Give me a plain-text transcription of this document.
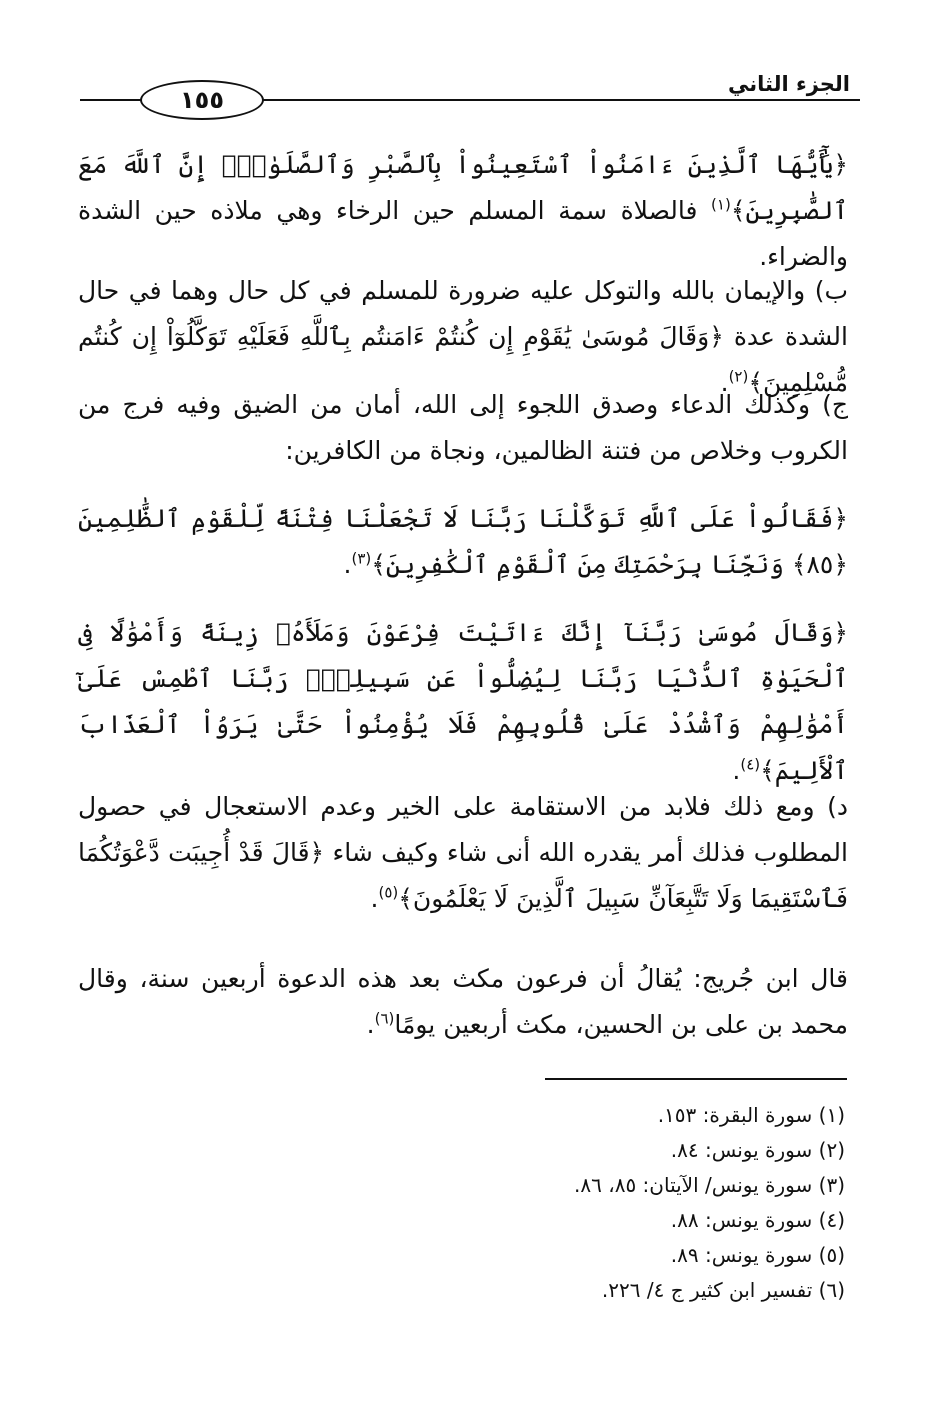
الجزء الثاني
١٥٥
﴿يَٰٓأَيُّهَا ٱلَّذِينَ ءَامَنُواْ ٱسْتَعِينُواْ بِٱلصَّبْرِ وَٱلصَّلَوٰةِۚ إِنَّ ٱللَّهَ مَعَ ٱلصَّٰبِرِينَ﴾$^{(١)}$ فالصلاة سمة المسلم حين الرخاء وهي ملاذه حين الشدة والضراء.
ب) والإيمان بالله والتوكل عليه ضرورة للمسلم في كل حال وهما في حال الشدة عدة ﴿وَقَالَ مُوسَىٰ يَٰقَوْمِ إِن كُنتُمْ ءَامَنتُم بِٱللَّهِ فَعَلَيْهِ تَوَكَّلُوٓاْ إِن كُنتُم مُّسْلِمِينَ﴾$^{(٢)}$.
ج) وكذلك الدعاء وصدق اللجوء إلى الله، أمان من الضيق وفيه فرج من الكروب وخلاص من فتنة الظالمين، ونجاة من الكافرين:
﴿فَقَالُواْ عَلَى ٱللَّهِ تَوَكَّلْنَا رَبَّنَا لَا تَجْعَلْنَا فِتْنَةً لِّلْقَوْمِ ٱلظَّٰلِمِينَ ﴿٨٥﴾ وَنَجِّنَا بِرَحْمَتِكَ مِنَ ٱلْقَوْمِ ٱلْكَٰفِرِينَ﴾$^{(٣)}$.
﴿وَقَالَ مُوسَىٰ رَبَّنَآ إِنَّكَ ءَاتَيْتَ فِرْعَوْنَ وَمَلَأَهُۥ زِينَةً وَأَمْوَٰلًا فِى ٱلْحَيَوٰةِ ٱلدُّنْيَا رَبَّنَا لِيُضِلُّواْ عَن سَبِيلِكَۖ رَبَّنَا ٱطْمِسْ عَلَىٰٓ أَمْوَٰلِهِمْ وَٱشْدُدْ عَلَىٰ قُلُوبِهِمْ فَلَا يُؤْمِنُواْ حَتَّىٰ يَرَوُاْ ٱلْعَذَابَ ٱلْأَلِيمَ﴾$^{(٤)}$.
د) ومع ذلك فلابد من الاستقامة على الخير وعدم الاستعجال في حصول المطلوب فذلك أمر يقدره الله أنى شاء وكيف شاء ﴿قَالَ قَدْ أُجِيبَت دَّعْوَتُكُمَا فَٱسْتَقِيمَا وَلَا تَتَّبِعَآنِّ سَبِيلَ ٱلَّذِينَ لَا يَعْلَمُونَ﴾$^{(٥)}$.
قال ابن جُريج: يُقالُ أن فرعون مكث بعد هذه الدعوة أربعين سنة، وقال محمد بن على بن الحسين، مكث أربعين يومًا$^{(٦)}$.
(١) سورة البقرة: ١٥٣.
(٢) سورة يونس: ٨٤.
(٣) سورة يونس/ الآيتان: ٨٥، ٨٦.
(٤) سورة يونس: ٨٨.
(٥) سورة يونس: ٨٩.
(٦) تفسير ابن كثير ج ٤/ ٢٢٦.
